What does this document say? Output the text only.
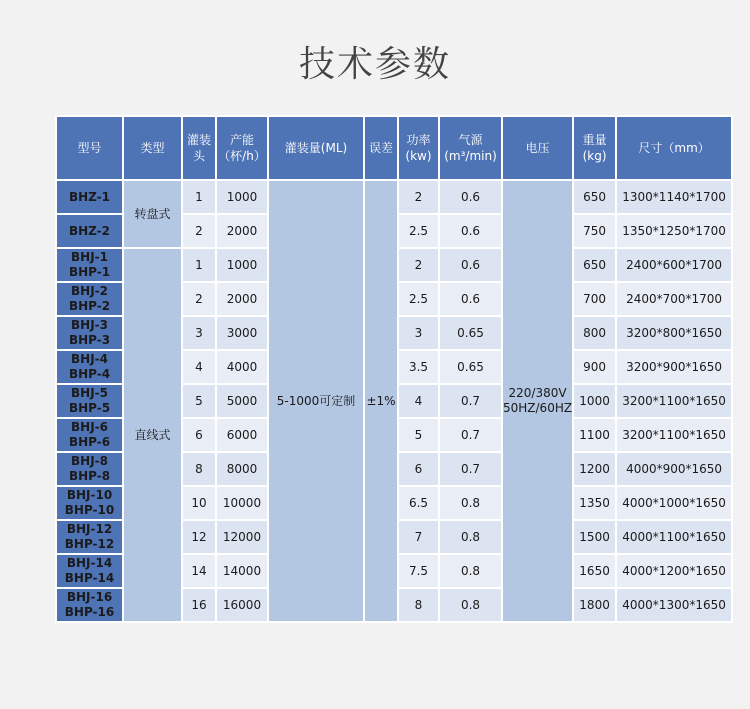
技术参数
型号	类型	灌装头	产能（杯/h）	灌装量(ML)	误差	功率(kw)	气源(m³/min)	电压	重量(kg)	尺寸（mm）
BHZ-1	转盘式	1	1000	5-1000可定制	±1%	2	0.6	220/380V 50HZ/60HZ	650	1300*1140*1700
BHZ-2		2	2000			2.5	0.6		750	1350*1250*1700
BHJ-1 BHP-1	直线式	1	1000			2	0.6		650	2400*600*1700
BHJ-2 BHP-2		2	2000			2.5	0.6		700	2400*700*1700
BHJ-3 BHP-3		3	3000			3	0.65		800	3200*800*1650
BHJ-4 BHP-4		4	4000			3.5	0.65		900	3200*900*1650
BHJ-5 BHP-5		5	5000			4	0.7		1000	3200*1100*1650
BHJ-6 BHP-6		6	6000			5	0.7		1100	3200*1100*1650
BHJ-8 BHP-8		8	8000			6	0.7		1200	4000*900*1650
BHJ-10 BHP-10		10	10000			6.5	0.8		1350	4000*1000*1650
BHJ-12 BHP-12		12	12000			7	0.8		1500	4000*1100*1650
BHJ-14 BHP-14		14	14000			7.5	0.8		1650	4000*1200*1650
BHJ-16 BHP-16		16	16000			8	0.8		1800	4000*1300*1650
